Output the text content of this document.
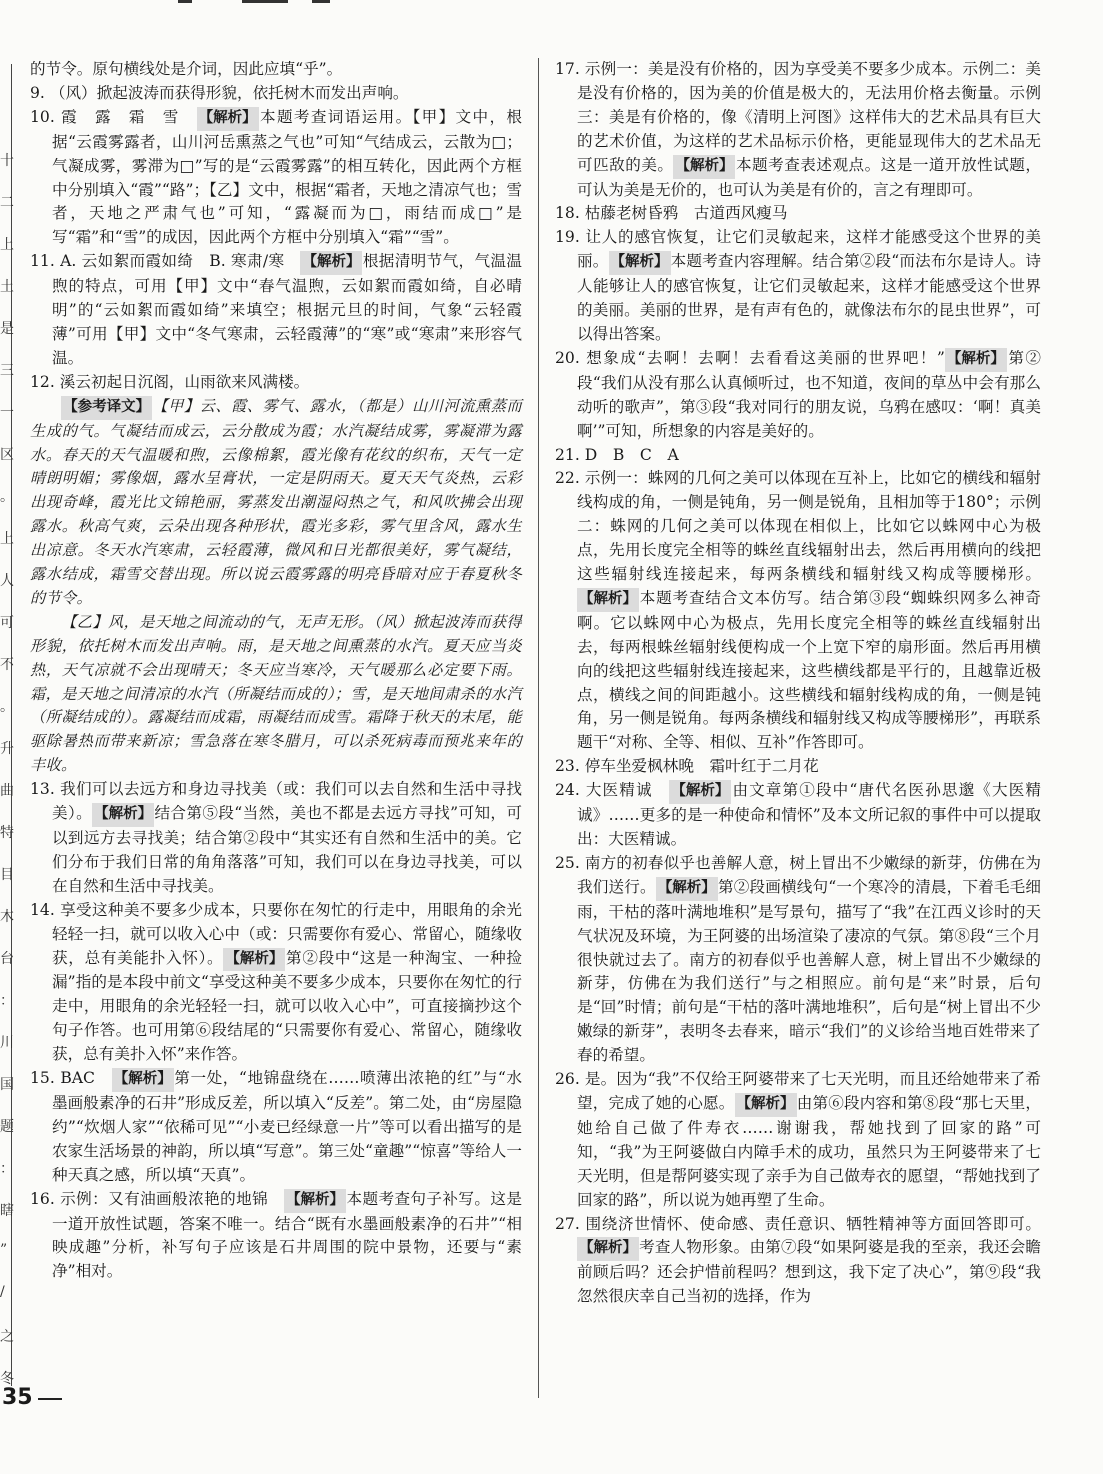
十
二
上
土
是
三
一
区
。
上
人
可
不
。
升
曲
特
目
木
台
：
川
国
题
：
瞎
”
/
之
冬

的节令。原句横线处是介词，因此应填“乎”。

9. （风）掀起波涛而获得形貌，依托树木而发出声响。

10. 霞　露　霜　雪　【解析】 本题考查词语运用。【甲】文中，根据“云霞雾露者，山川河岳熏蒸之气也”可知“气结成云，云散为□；气凝成雾，雾滞为□”写的是“云霞雾露”的相互转化，因此两个方框中分别填入“霞”“路”；【乙】文中，根据“霜者，天地之清凉气也；雪者，天地之严肃气也”可知，“露凝而为□，雨结而成□”是写“霜”和“雪”的成因，因此两个方框中分别填入“霜”“雪”。

11. A. 云如絮而霞如绮　B. 寒肃/寒　【解析】 根据清明节气，气温温煦的特点，可用【甲】文中“春气温煦，云如絮而霞如绮，自必晴明”的“云如絮而霞如绮”来填空；根据元旦的时间，气象“云轻霞薄”可用【甲】文中“冬气寒肃，云轻霞薄”的“寒”或“寒肃”来形容气温。

12. 溪云初起日沉阁，山雨欲来风满楼。

【参考译文】 【甲】云、霞、雾气、露水，（都是）山川河流熏蒸而生成的气。气凝结而成云，云分散成为霞；水汽凝结成雾，雾凝滞为露水。春天的天气温暖和煦，云像棉絮，霞光像有花纹的织布，天气一定晴朗明媚；雾像烟，露水呈膏状，一定是阴雨天。夏天天气炎热，云彩出现奇峰，霞光比文锦艳丽，雾蒸发出潮湿闷热之气，和风吹拂会出现露水。秋高气爽，云朵出现各种形状，霞光多彩，雾气里含风，露水生出凉意。冬天水汽寒肃，云轻霞薄，微风和日光都很美好，雾气凝结，露水结成，霜雪交替出现。所以说云霞雾露的明亮昏暗对应于春夏秋冬的节令。

【乙】风，是天地之间流动的气，无声无形。（风）掀起波涛而获得形貌，依托树木而发出声响。雨，是天地之间熏蒸的水汽。夏天应当炎热，天气凉就不会出现晴天；冬天应当寒冷，天气暖那么必定要下雨。霜，是天地之间清凉的水汽（所凝结而成的）；雪，是天地间肃杀的水汽（所凝结成的）。露凝结而成霜，雨凝结而成雪。霜降于秋天的末尾，能驱除暑热而带来新凉；雪急落在寒冬腊月，可以杀死病毒而预兆来年的丰收。

13. 我们可以去远方和身边寻找美（或：我们可以去自然和生活中寻找美）。 【解析】 结合第⑤段“当然，美也不都是去远方寻找”可知，可以到远方去寻找美；结合第②段中“其实还有自然和生活中的美。它们分布于我们日常的角角落落”可知，我们可以在身边寻找美，可以在自然和生活中寻找美。

14. 享受这种美不要多少成本，只要你在匆忙的行走中，用眼角的余光轻轻一扫，就可以收入心中（或：只需要你有爱心、常留心，随缘收获，总有美能扑入怀）。 【解析】 第②段中“这是一种淘宝、一种捡漏”指的是本段中前文“享受这种美不要多少成本，只要你在匆忙的行走中，用眼角的余光轻轻一扫，就可以收入心中”，可直接摘抄这个句子作答。也可用第⑥段结尾的“只需要你有爱心、常留心，随缘收获，总有美扑入怀”来作答。

15. BAC　【解析】 第一处，“地锦盘绕在……喷薄出浓艳的红”与“水墨画般素净的石井”形成反差，所以填入“反差”。第二处，由“房屋隐约”“炊烟人家”“依稀可见”“小麦已经绿意一片”等可以看出描写的是农家生活场景的神韵，所以填“写意”。第三处“童趣”“惊喜”等给人一种天真之感，所以填“天真”。

16. 示例：又有油画般浓艳的地锦　【解析】 本题考查句子补写。这是一道开放性试题，答案不唯一。结合“既有水墨画般素净的石井”“相映成趣”分析，补写句子应该是石井周围的院中景物，还要与“素净”相对。

17. 示例一：美是没有价格的，因为享受美不要多少成本。示例二：美是没有价格的，因为美的价值是极大的，无法用价格去衡量。示例三：美是有价格的，像《清明上河图》这样伟大的艺术品具有巨大的艺术价值，为这样的艺术品标示价格，更能显现伟大的艺术品无可匹敌的美。 【解析】 本题考查表述观点。这是一道开放性试题，可认为美是无价的，也可认为美是有价的，言之有理即可。

18. 枯藤老树昏鸦　古道西风瘦马

19. 让人的感官恢复，让它们灵敏起来，这样才能感受这个世界的美丽。 【解析】 本题考查内容理解。结合第②段“而法布尔是诗人。诗人能够让人的感官恢复，让它们灵敏起来，这样才能感受这个世界的美丽。美丽的世界，是有声有色的，就像法布尔的昆虫世界”，可以得出答案。

20. 想象成“去啊！去啊！去看看这美丽的世界吧！” 【解析】 第②段“我们从没有那么认真倾听过，也不知道，夜间的草丛中会有那么动听的歌声”，第③段“我对同行的朋友说，乌鸦在感叹：‘啊！真美啊’”可知，所想象的内容是美好的。

21. D　B　C　A

22. 示例一：蛛网的几何之美可以体现在互补上，比如它的横线和辐射线构成的角，一侧是钝角，另一侧是锐角，且相加等于180°；示例二：蛛网的几何之美可以体现在相似上，比如它以蛛网中心为极点，先用长度完全相等的蛛丝直线辐射出去，然后再用横向的线把这些辐射线连接起来，每两条横线和辐射线又构成等腰梯形。【解析】 本题考查结合文本仿写。结合第③段“蜘蛛织网多么神奇啊。它以蛛网中心为极点，先用长度完全相等的蛛丝直线辐射出去，每两根蛛丝辐射线便构成一个上宽下窄的扇形面。然后再用横向的线把这些辐射线连接起来，这些横线都是平行的，且越靠近极点，横线之间的间距越小。这些横线和辐射线构成的角，一侧是钝角，另一侧是锐角。每两条横线和辐射线又构成等腰梯形”，再联系题干“对称、全等、相似、互补”作答即可。

23. 停车坐爱枫林晚　霜叶红于二月花

24. 大医精诚　【解析】 由文章第①段中“唐代名医孙思邈《大医精诚》……更多的是一种使命和情怀”及本文所记叙的事件中可以提取出：大医精诚。

25. 南方的初春似乎也善解人意，树上冒出不少嫩绿的新芽，仿佛在为我们送行。 【解析】 第②段画横线句“一个寒冷的清晨，下着毛毛细雨，干枯的落叶满地堆积”是写景句，描写了“我”在江西义诊时的天气状况及环境，为王阿婆的出场渲染了凄凉的气氛。第⑧段“三个月很快就过去了。南方的初春似乎也善解人意，树上冒出不少嫩绿的新芽，仿佛在为我们送行”与之相照应。前句是“来”时景，后句是“回”时情；前句是“干枯的落叶满地堆积”，后句是“树上冒出不少嫩绿的新芽”，表明冬去春来，暗示“我们”的义诊给当地百姓带来了春的希望。

26. 是。因为“我”不仅给王阿婆带来了七天光明，而且还给她带来了希望，完成了她的心愿。 【解析】 由第⑥段内容和第⑧段“那七天里，她给自己做了件寿衣……谢谢我，帮她找到了回家的路”可知，“我”为王阿婆做白内障手术的成功，虽然只为王阿婆带来了七天光明，但是帮阿婆实现了亲手为自己做寿衣的愿望，“帮她找到了回家的路”，所以说为她再塑了生命。

27. 围绕济世情怀、使命感、责任意识、牺牲精神等方面回答即可。【解析】 考查人物形象。由第⑦段“如果阿婆是我的至亲，我还会瞻前顾后吗？还会护惜前程吗？想到这，我下定了决心”，第⑨段“我忽然很庆幸自己当初的选择，作为

35
